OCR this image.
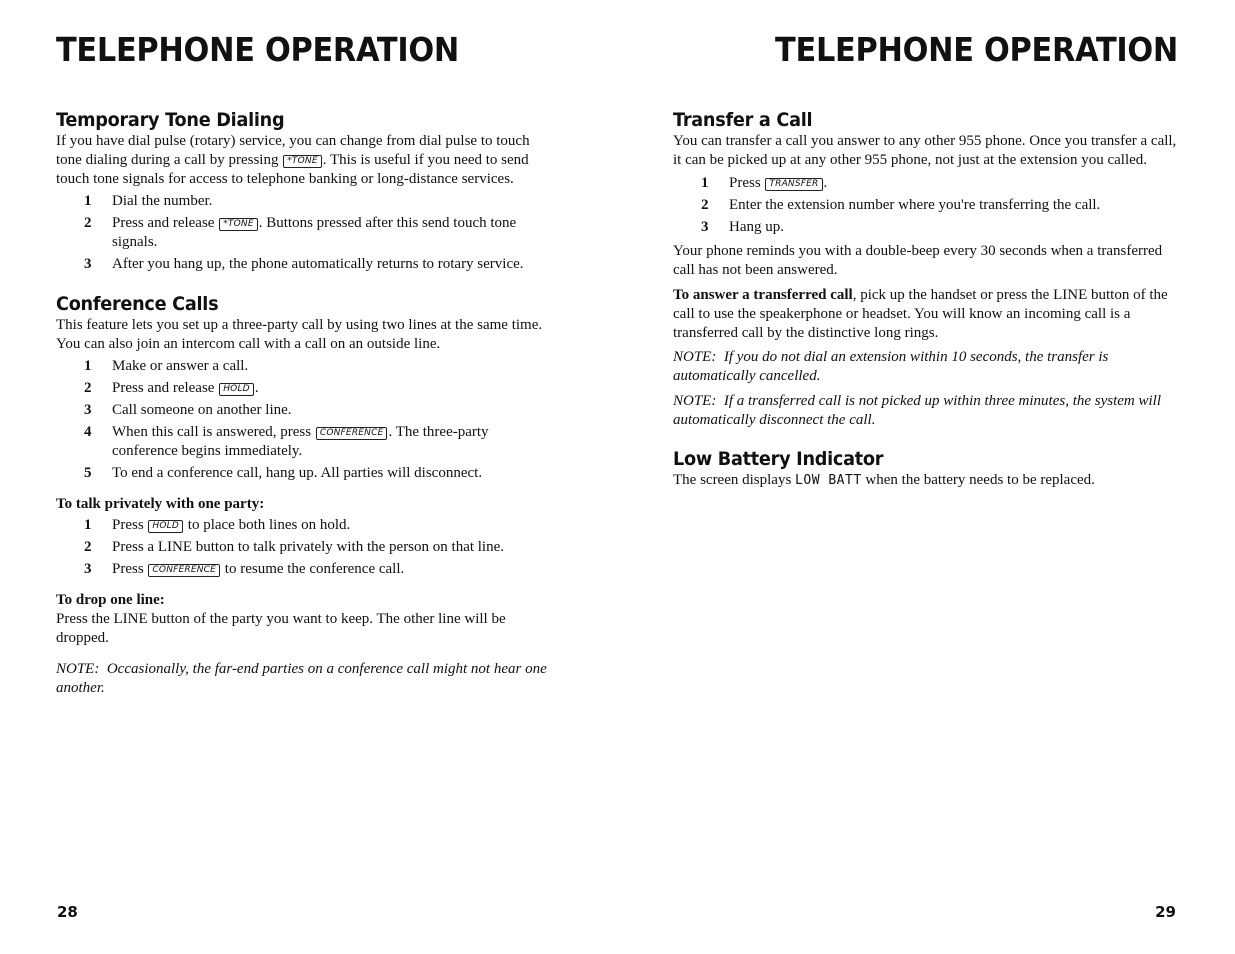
TELEPHONE OPERATION
Temporary Tone Dialing

If you have dial pulse (rotary) service, you can change from dial pulse to touch tone dialing during a call by pressing *TONE . This is useful if you need to send touch tone signals for access to telephone banking or long-distance services.

1 Dial the number.
2 Press and release *TONE . Buttons pressed after this send touch tone signals.
3 After you hang up, the phone automatically returns to rotary service.
Conference Calls

This feature lets you set up a three-party call by using two lines at the same time. You can also join an intercom call with a call on an outside line.

1 Make or answer a call.
2 Press and release HOLD .
3 Call someone on another line.
4 When this call is answered, press CONFERENCE . The three-party conference begins immediately.
5 To end a conference call, hang up. All parties will disconnect.

To talk privately with one party:

1 Press HOLD to place both lines on hold.
2 Press a LINE button to talk privately with the person on that line.
3 Press CONFERENCE to resume the conference call.

To drop one line:

Press the LINE button of the party you want to keep. The other line will be dropped.

NOTE: Occasionally, the far-end parties on a conference call might not hear one another.

28
TELEPHONE OPERATION
Transfer a Call

You can transfer a call you answer to any other 955 phone. Once you transfer a call, it can be picked up at any other 955 phone, not just at the extension you called.

1 Press TRANSFER .
2 Enter the extension number where you're transferring the call.
3 Hang up.

Your phone reminds you with a double-beep every 30 seconds when a transferred call has not been answered.

To answer a transferred call, pick up the handset or press the LINE button of the call to use the speakerphone or headset. You will know an incoming call is a transferred call by the distinctive long rings.

NOTE: If you do not dial an extension within 10 seconds, the transfer is automatically cancelled.

NOTE: If a transferred call is not picked up within three minutes, the system will automatically disconnect the call.

Low Battery Indicator

The screen displays LOW BATT when the battery needs to be replaced.

29
